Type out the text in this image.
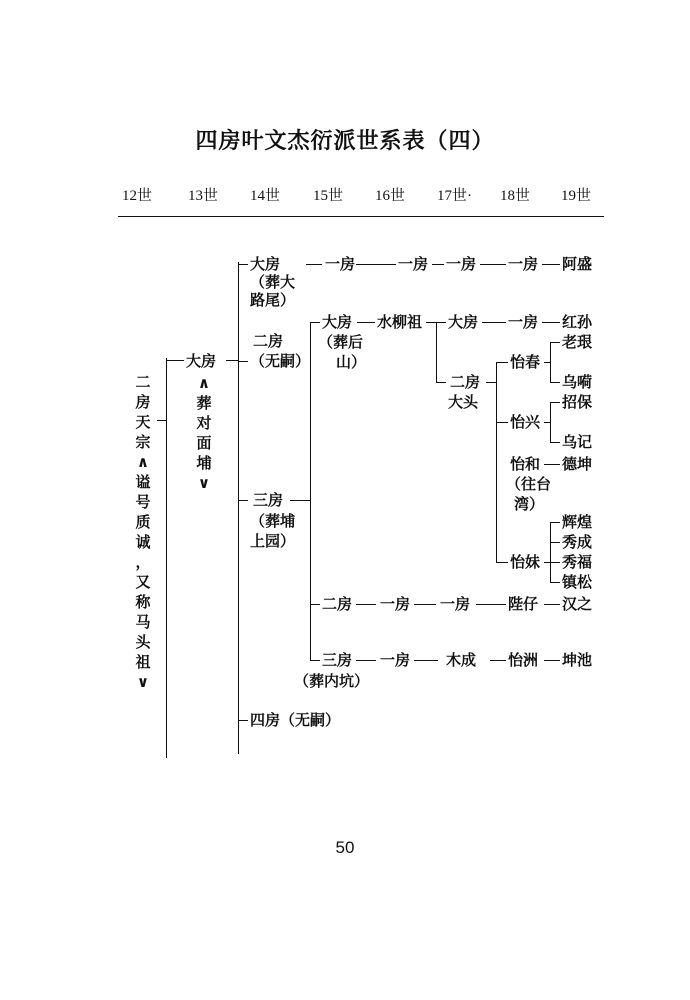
四房叶文杰衍派世系表（四）
12世 13世 14世 15世 16世 17世· 18世 19世
二
房
天
宗
∧
谥
号
质
诚
，
又
称
马
头
祖
∨
大房
∧
葬
对
面
埔
∨
大房
（葬大
路尾）
二房
（无嗣）
三房
（葬埔
上园）
四房（无嗣）
一房	一房 一房 一房 阿盛
大房
（葬后
山）
水柳祖 大房 一房 红孙
二房
大头
怡春
老珢
乌嗬
怡兴
招保
乌记
怡和 德坤
（往台
湾）
怡妹
辉煌
秀成
秀福
镇松
二房 一房 一房	陛仔 汉之
三房
（葬内坑）
一房 木成 怡洲 坤池
50
